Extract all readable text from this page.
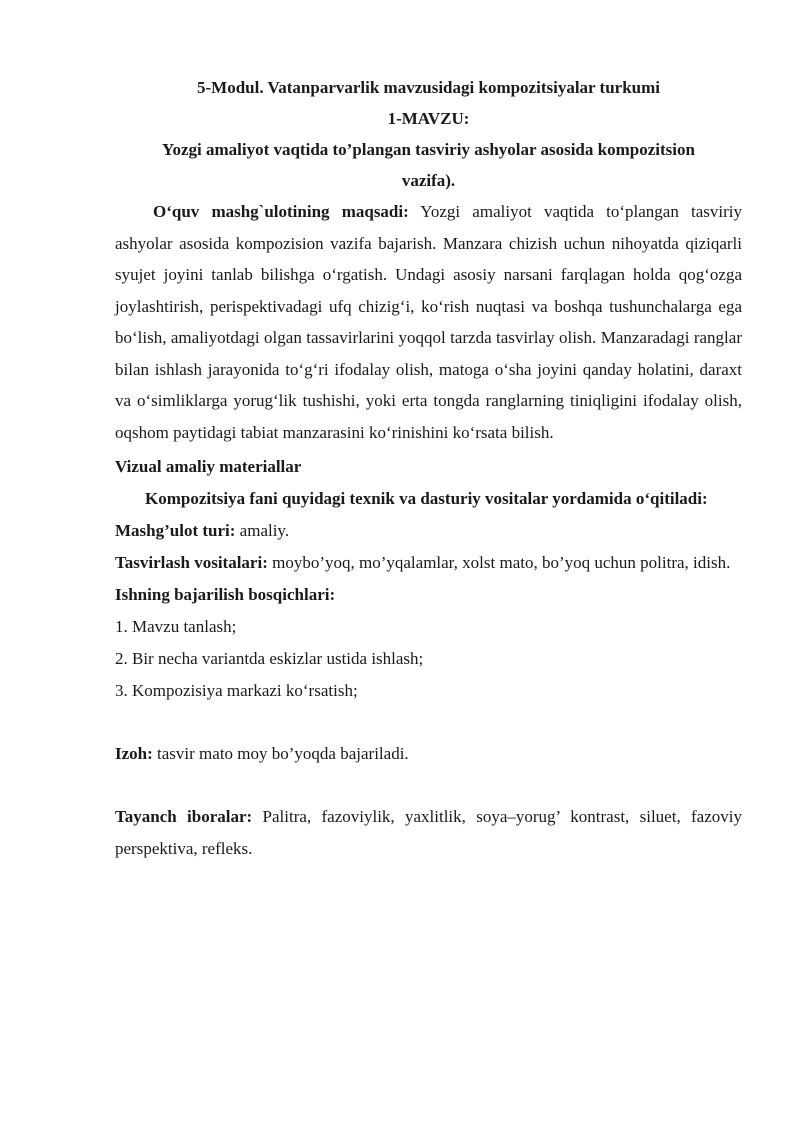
5-Modul. Vatanparvarlik mavzusidagi kompozitsiyalar turkumi

1-MAVZU:

Yozgi amaliyot vaqtida to’plangan tasviriy ashyolar asosida kompozitsion

vazifa).

O‘quv mashg`ulotining maqsadi: Yozgi amaliyot vaqtida to‘plangan tasviriy ashyolar asosida kompozision vazifa bajarish. Manzara chizish uchun nihoyatda qiziqarli syujet joyini tanlab bilishga o‘rgatish. Undagi asosiy narsani farqlagan holda qog‘ozga joylashtirish, perispektivadagi ufq chizig‘i, ko‘rish nuqtasi va boshqa tushunchalarga ega bo‘lish, amaliyotdagi olgan tassavirlarini yoqqol tarzda tasvirlay olish. Manzaradagi ranglar bilan ishlash jarayonida to‘g‘ri ifodalay olish, matoga o‘sha joyini qanday holatini, daraxt va o‘simliklarga yorug‘lik tushishi, yoki erta tongda ranglarning tiniqligini ifodalay olish, oqshom paytidagi tabiat manzarasini ko‘rinishini ko‘rsata bilish.

Vizual amaliy materiallar

Kompozitsiya fani quyidagi texnik va dasturiy vositalar yordamida o‘qitiladi:

Mashg’ulot turi: amaliy.

Tasvirlash vositalari: moybo’yoq, mo’yqalamlar, xolst mato, bo’yoq uchun politra, idish.

Ishning bajarilish bosqichlari:

1. Mavzu tanlash;

2. Bir necha variantda eskizlar ustida ishlash;

3. Kompozisiya markazi ko‘rsatish;

Izoh: tasvir mato moy bo’yoqda bajariladi.

Tayanch iboralar: Palitra, fazoviylik, yaxlitlik, soya–yorug’ kontrast, siluet, fazoviy perspektiva, refleks.
